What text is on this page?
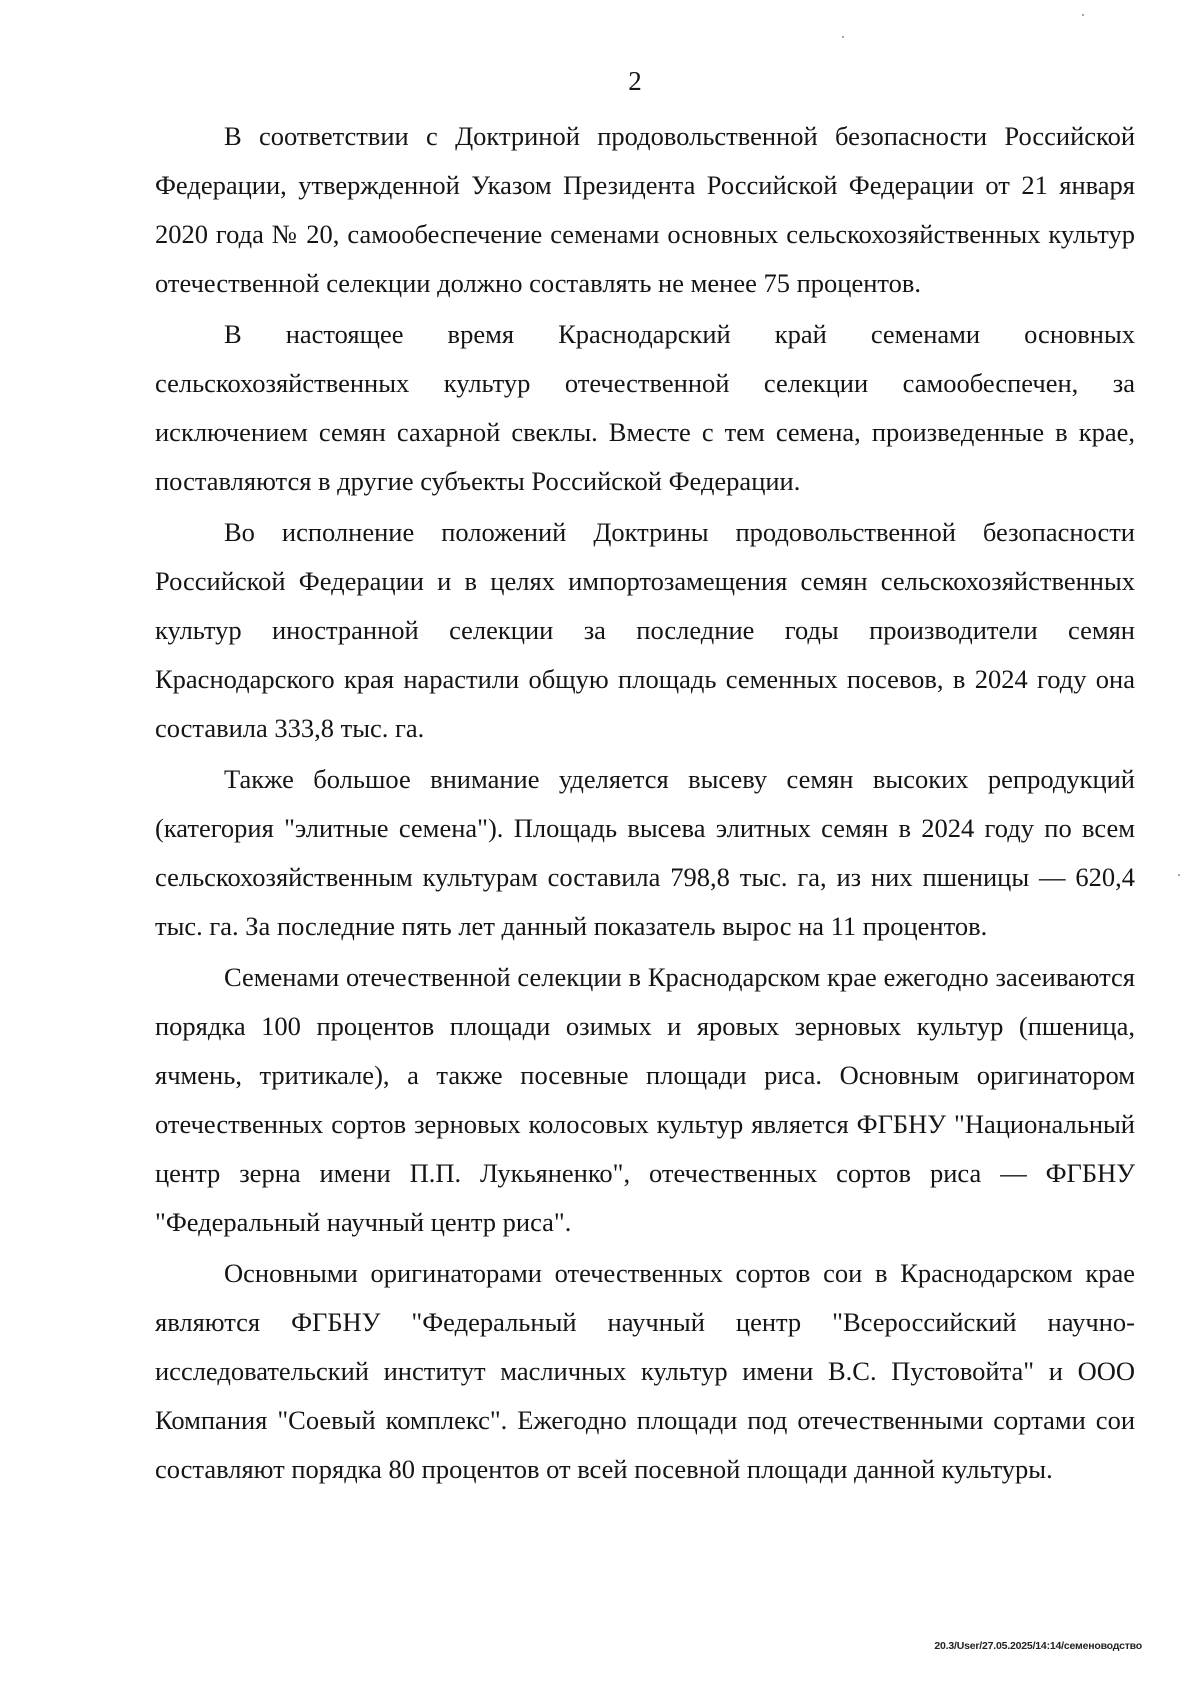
2

В соответствии с Доктриной продовольственной безопасности Российской Федерации, утвержденной Указом Президента Российской Федерации от 21 января 2020 года № 20, самообеспечение семенами основных сельскохозяйственных культур отечественной селекции должно составлять не менее 75 процентов.

В настоящее время Краснодарский край семенами основных сельскохозяйственных культур отечественной селекции самообеспечен, за исключением семян сахарной свеклы. Вместе с тем семена, произведенные в крае, поставляются в другие субъекты Российской Федерации.

Во исполнение положений Доктрины продовольственной безопасности Российской Федерации и в целях импортозамещения семян сельскохозяйственных культур иностранной селекции за последние годы производители семян Краснодарского края нарастили общую площадь семенных посевов, в 2024 году она составила 333,8 тыс. га.

Также большое внимание уделяется высеву семян высоких репродукций (категория "элитные семена"). Площадь высева элитных семян в 2024 году по всем сельскохозяйственным культурам составила 798,8 тыс. га, из них пшеницы — 620,4 тыс. га. За последние пять лет данный показатель вырос на 11 процентов.

Семенами отечественной селекции в Краснодарском крае ежегодно засеиваются порядка 100 процентов площади озимых и яровых зерновых культур (пшеница, ячмень, тритикале), а также посевные площади риса. Основным оригинатором отечественных сортов зерновых колосовых культур является ФГБНУ "Национальный центр зерна имени П.П. Лукьяненко", отечественных сортов риса — ФГБНУ "Федеральный научный центр риса".

Основными оригинаторами отечественных сортов сои в Краснодарском крае являются ФГБНУ "Федеральный научный центр "Всероссийский научно-исследовательский институт масличных культур имени В.С. Пустовойта" и ООО Компания "Соевый комплекс". Ежегодно площади под отечественными сортами сои составляют порядка 80 процентов от всей посевной площади данной культуры.

20.3/User/27.05.2025/14:14/семеноводство
